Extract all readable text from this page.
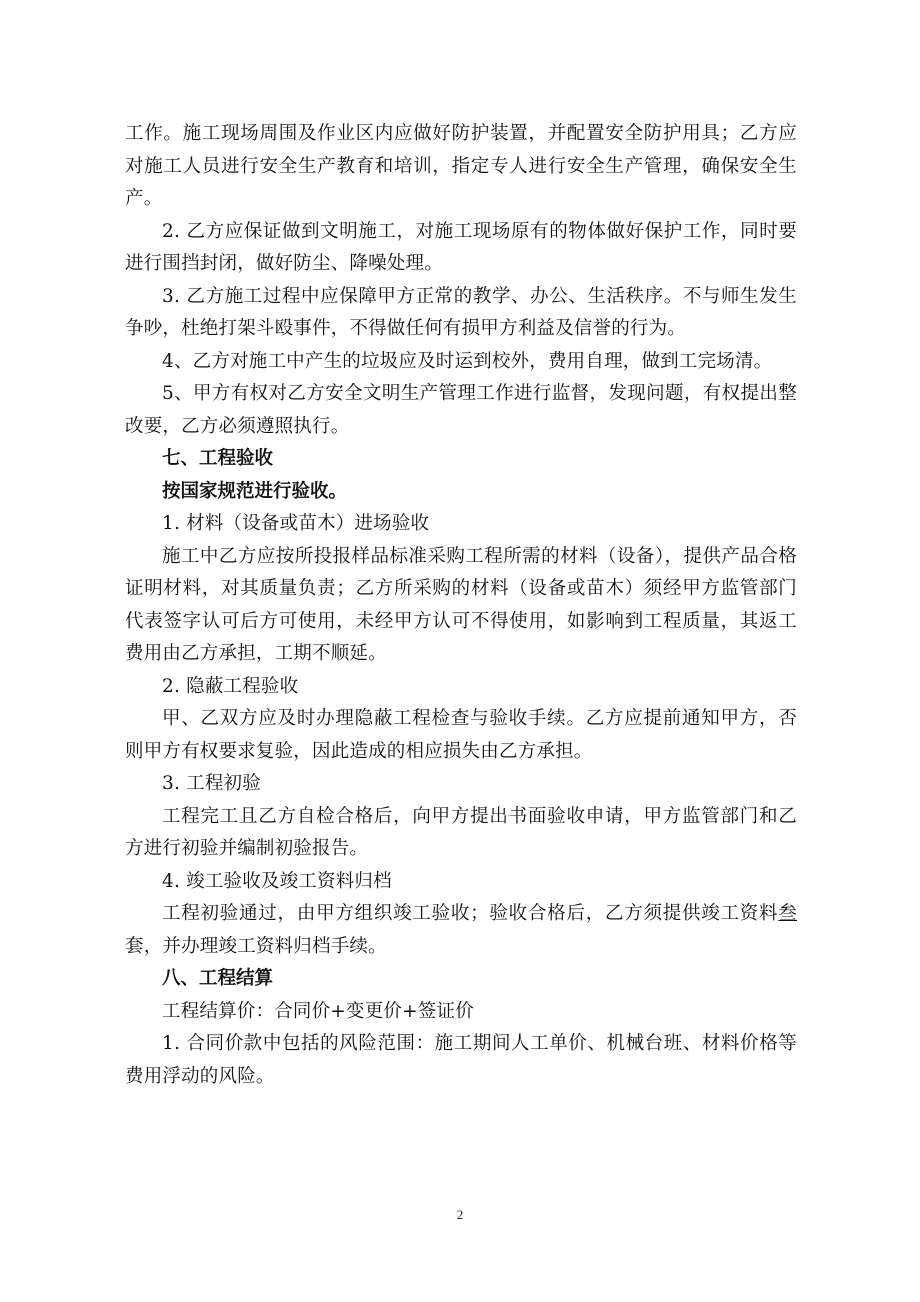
工作。施工现场周围及作业区内应做好防护装置，并配置安全防护用具；乙方应对施工人员进行安全生产教育和培训，指定专人进行安全生产管理，确保安全生产。

2. 乙方应保证做到文明施工，对施工现场原有的物体做好保护工作，同时要进行围挡封闭，做好防尘、降噪处理。

3. 乙方施工过程中应保障甲方正常的教学、办公、生活秩序。不与师生发生争吵，杜绝打架斗殴事件，不得做任何有损甲方利益及信誉的行为。

4、乙方对施工中产生的垃圾应及时运到校外，费用自理，做到工完场清。

5、甲方有权对乙方安全文明生产管理工作进行监督，发现问题，有权提出整改要，乙方必须遵照执行。

七、工程验收

按国家规范进行验收。

1. 材料（设备或苗木）进场验收

施工中乙方应按所投报样品标准采购工程所需的材料（设备），提供产品合格证明材料，对其质量负责；乙方所采购的材料（设备或苗木）须经甲方监管部门代表签字认可后方可使用，未经甲方认可不得使用，如影响到工程质量，其返工费用由乙方承担，工期不顺延。

2. 隐蔽工程验收

甲、乙双方应及时办理隐蔽工程检查与验收手续。乙方应提前通知甲方，否则甲方有权要求复验，因此造成的相应损失由乙方承担。

3. 工程初验

工程完工且乙方自检合格后，向甲方提出书面验收申请，甲方监管部门和乙方进行初验并编制初验报告。

4. 竣工验收及竣工资料归档

工程初验通过，由甲方组织竣工验收；验收合格后，乙方须提供竣工资料叁套，并办理竣工资料归档手续。

八、工程结算

工程结算价：合同价+变更价+签证价

1. 合同价款中包括的风险范围：施工期间人工单价、机械台班、材料价格等费用浮动的风险。

2
